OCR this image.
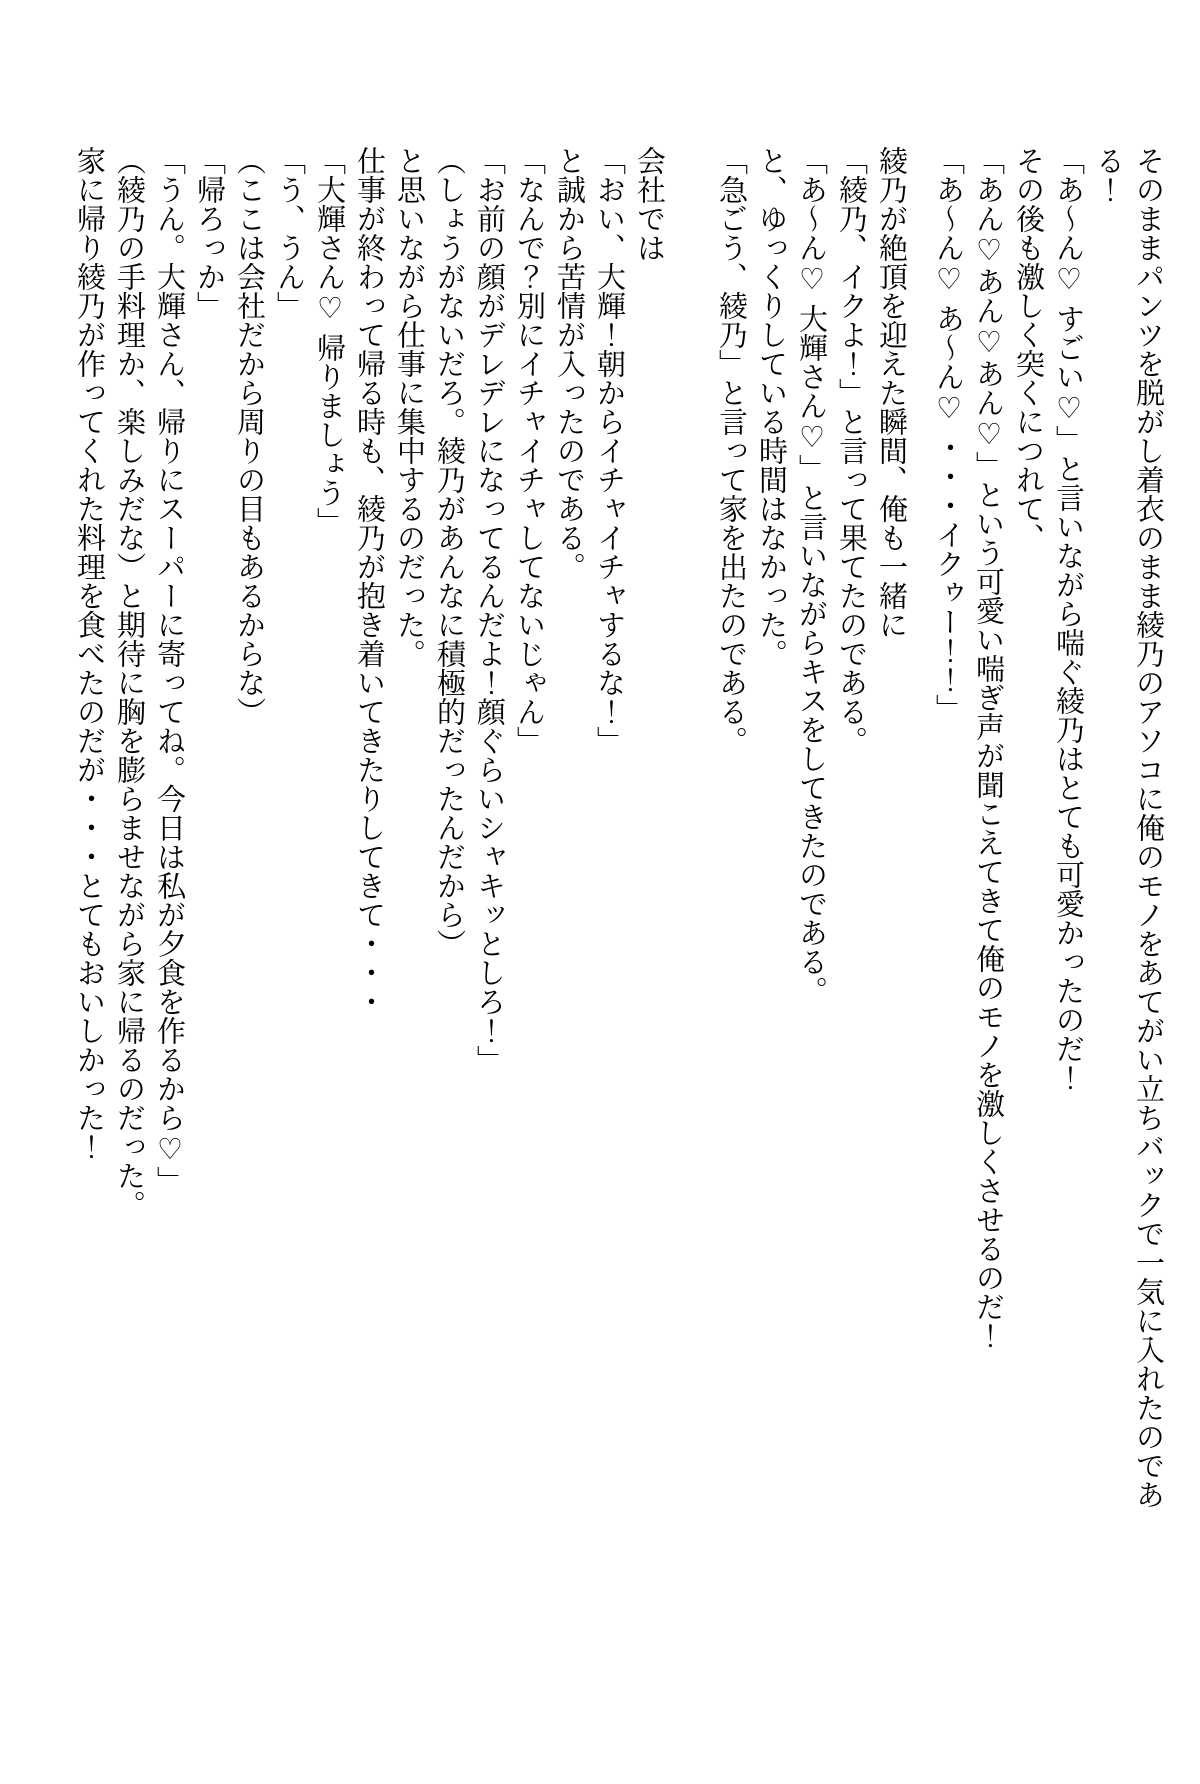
そのままパンツを脱がし着衣のまま綾乃のアソコに俺のモノをあてがい立ちバックで一気に入れたのである！

「あ〜ん♡ すごい♡」と言いながら喘ぐ綾乃はとても可愛かったのだ！

その後も激しく突くにつれて、

「あん♡あん♡あん♡」という可愛い喘ぎ声が聞こえてきて俺のモノを激しくさせるのだ！

「あ〜ん♡ あ〜ん♡ ・・・イクゥー！！」

綾乃が絶頂を迎えた瞬間、俺も一緒に

「綾乃、イクよ！」と言って果てたのである。

「あ〜ん♡ 大輝さん♡」と言いながらキスをしてきたのである。

と、ゆっくりしている時間はなかった。

「急ごう、綾乃」と言って家を出たのである。

会社では

「おい、大輝！朝からイチャイチャするな！」

と誠から苦情が入ったのである。

「なんで？別にイチャイチャしてないじゃん」

「お前の顔がデレデレになってるんだよ！顔ぐらいシャキッとしろ！」

（しょうがないだろ。綾乃があんなに積極的だったんだから）

と思いながら仕事に集中するのだった。

仕事が終わって帰る時も、綾乃が抱き着いてきたりしてきて・・・

「大輝さん♡ 帰りましょう」

「う、うん」

（ここは会社だから周りの目もあるからな）

「帰ろっか」

「うん。大輝さん、帰りにスーパーに寄ってね。今日は私が夕食を作るから♡」

（綾乃の手料理か、楽しみだな）と期待に胸を膨らませながら家に帰るのだった。

家に帰り綾乃が作ってくれた料理を食べたのだが・・・とてもおいしかった！
